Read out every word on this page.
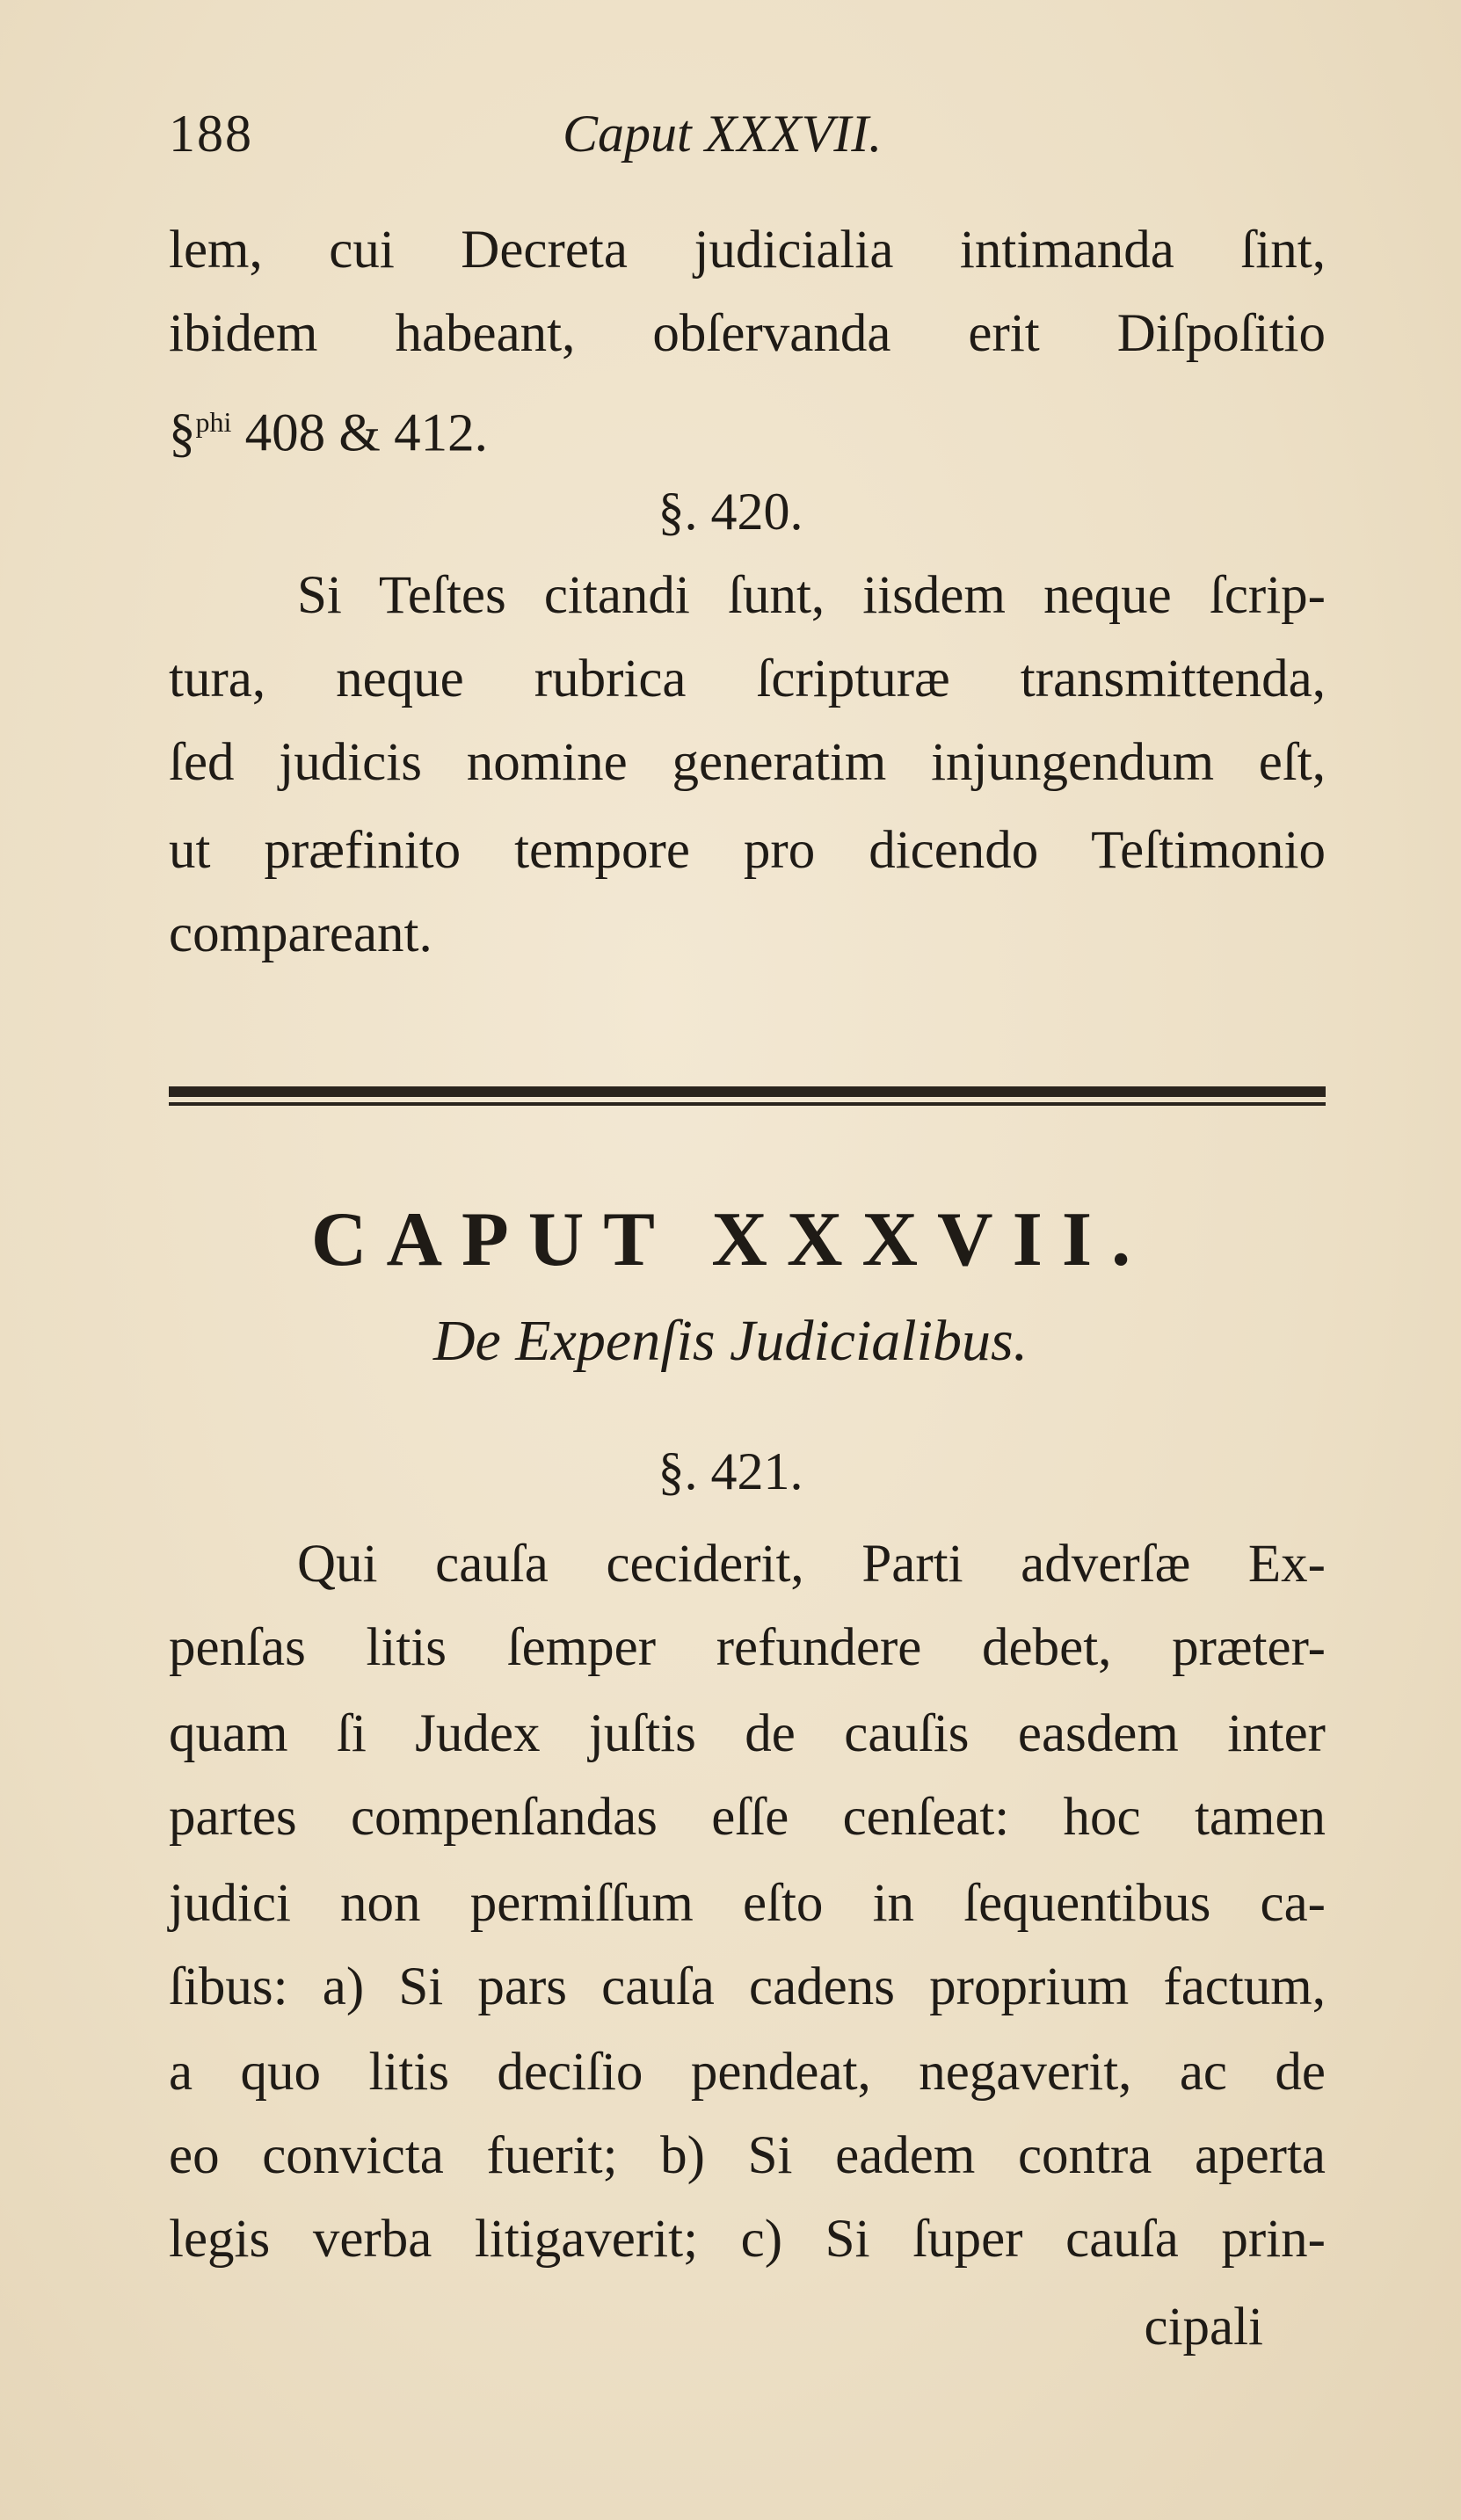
188	Caput XXXVII.
lem, cui Decreta judicialia intimanda ſint,
ibidem habeant, obſervanda erit Diſpoſitio
§$^{phi}$ 408 & 412.
§. 420.
Si Teſtes citandi ſunt, iisdem neque ſcrip-
tura, neque rubrica ſcripturæ transmittenda,
ſed judicis nomine generatim injungendum eſt,
ut præfinito tempore pro dicendo Teſtimonio
compareant.
CAPUT XXXVII.
De Expenſis Judicialibus.
§. 421.
Qui cauſa ceciderit, Parti adverſæ Ex-
penſas litis ſemper refundere debet, præter-
quam ſi Judex juſtis de cauſis easdem inter
partes compenſandas eſſe cenſeat: hoc tamen
judici non permiſſum eſto in ſequentibus ca-
ſibus: a) Si pars cauſa cadens proprium factum,
a quo litis deciſio pendeat, negaverit, ac de
eo convicta fuerit; b) Si eadem contra aperta
legis verba litigaverit; c) Si ſuper cauſa prin-
cipali
